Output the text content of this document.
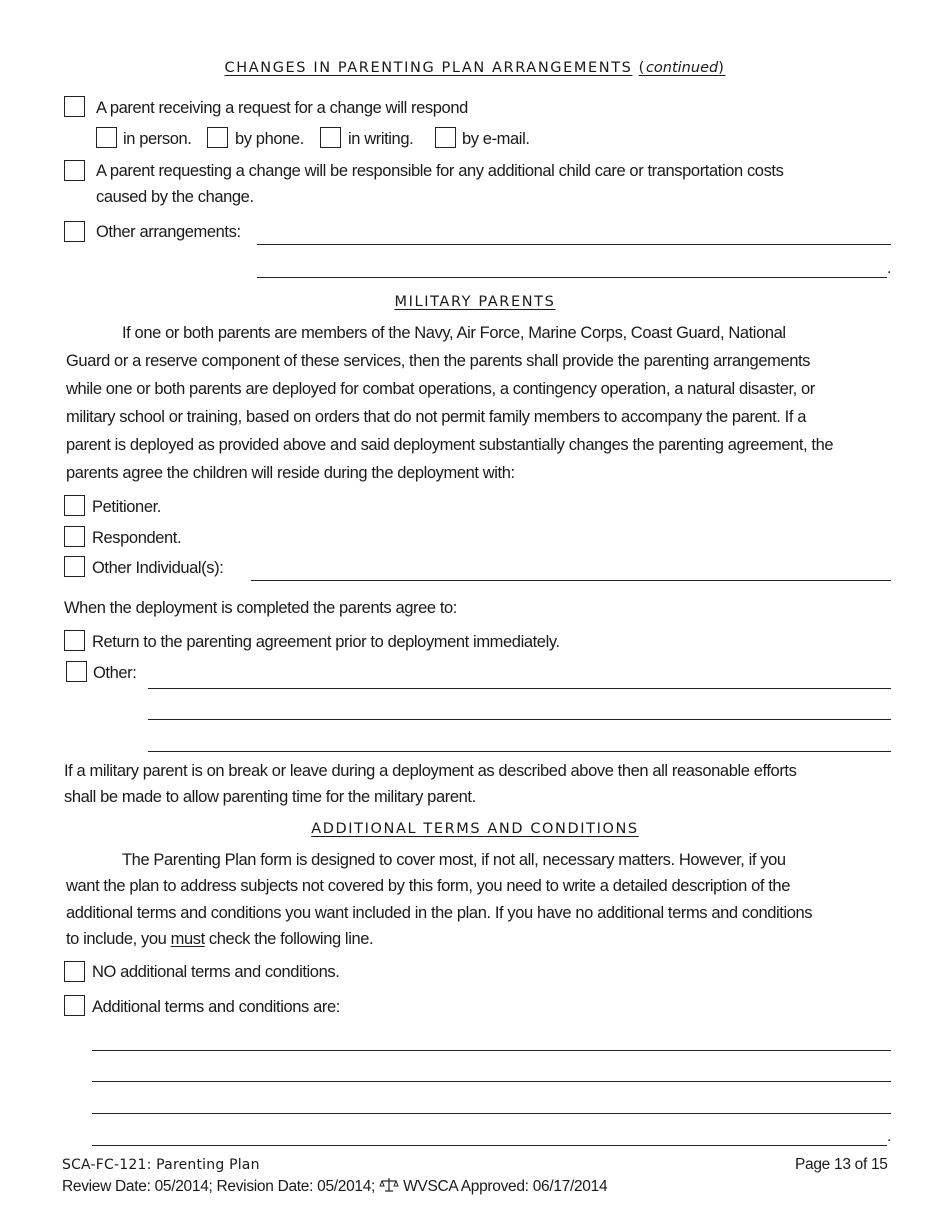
CHANGES IN PARENTING PLAN ARRANGEMENTS (continued)
A parent receiving a request for a change will respond
in person.	by phone.	in writing.	by e-mail.
A parent requesting a change will be responsible for any additional child care or transportation costs
caused by the change.
Other arrangements:
.
MILITARY PARENTS
If one or both parents are members of the Navy, Air Force, Marine Corps, Coast Guard, National
Guard or a reserve component of these services, then the parents shall provide the parenting arrangements
while one or both parents are deployed for combat operations, a contingency operation, a natural disaster, or
military school or training, based on orders that do not permit family members to accompany the parent. If a
parent is deployed as provided above and said deployment substantially changes the parenting agreement, the
parents agree the children will reside during the deployment with:
Petitioner.
Respondent.
Other Individual(s):
When the deployment is completed the parents agree to:
Return to the parenting agreement prior to deployment immediately.
Other:
If a military parent is on break or leave during a deployment as described above then all reasonable efforts
shall be made to allow parenting time for the military parent.
ADDITIONAL TERMS AND CONDITIONS
The Parenting Plan form is designed to cover most, if not all, necessary matters. However, if you
want the plan to address subjects not covered by this form, you need to write a detailed description of the
additional terms and conditions you want included in the plan. If you have no additional terms and conditions
to include, you must check the following line.
NO additional terms and conditions.
Additional terms and conditions are:
.
SCA-FC-121: Parenting Plan	Page 13 of 15
Review Date: 05/2014; Revision Date: 05/2014;  WVSCA Approved: 06/17/2014
